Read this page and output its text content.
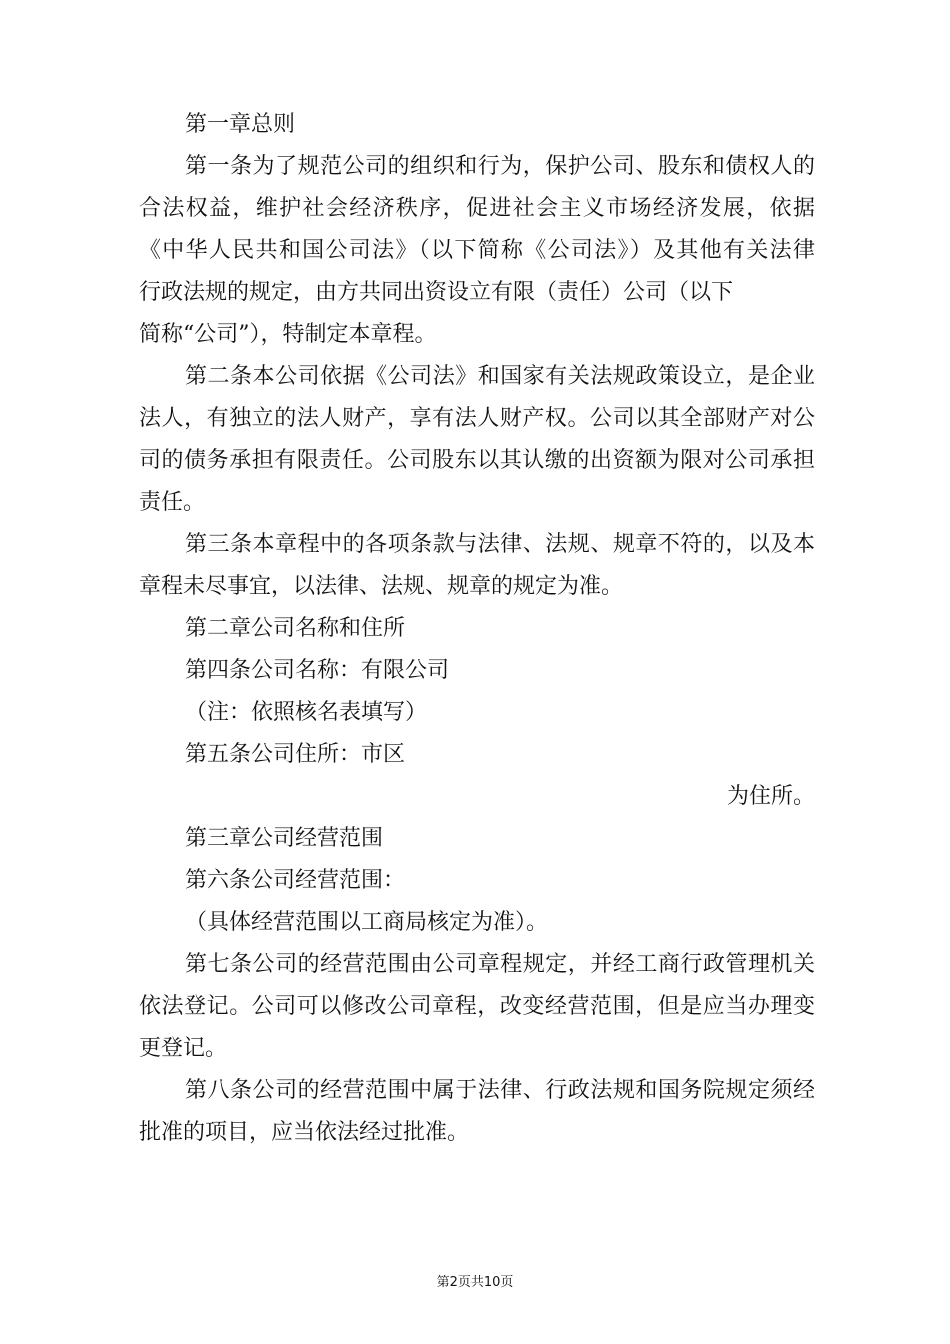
第一章总则
第一条为了规范公司的组织和行为，保护公司、股东和债权人的
合法权益，维护社会经济秩序，促进社会主义市场经济发展，依据
《中华人民共和国公司法》（以下简称《公司法》）及其他有关法律
行政法规的规定，由方共同出资设立有限（责任）公司（以下
简称“公司”），特制定本章程。
第二条本公司依据《公司法》和国家有关法规政策设立，是企业
法人，有独立的法人财产，享有法人财产权。公司以其全部财产对公
司的债务承担有限责任。公司股东以其认缴的出资额为限对公司承担
责任。
第三条本章程中的各项条款与法律、法规、规章不符的，以及本
章程未尽事宜，以法律、法规、规章的规定为准。
第二章公司名称和住所
第四条公司名称：有限公司
（注：依照核名表填写）
第五条公司住所：市区
为住所。
第三章公司经营范围
第六条公司经营范围：
（具体经营范围以工商局核定为准）。
第七条公司的经营范围由公司章程规定，并经工商行政管理机关
依法登记。公司可以修改公司章程，改变经营范围，但是应当办理变
更登记。
第八条公司的经营范围中属于法律、行政法规和国务院规定须经
批准的项目，应当依法经过批准。
第2页共10页
